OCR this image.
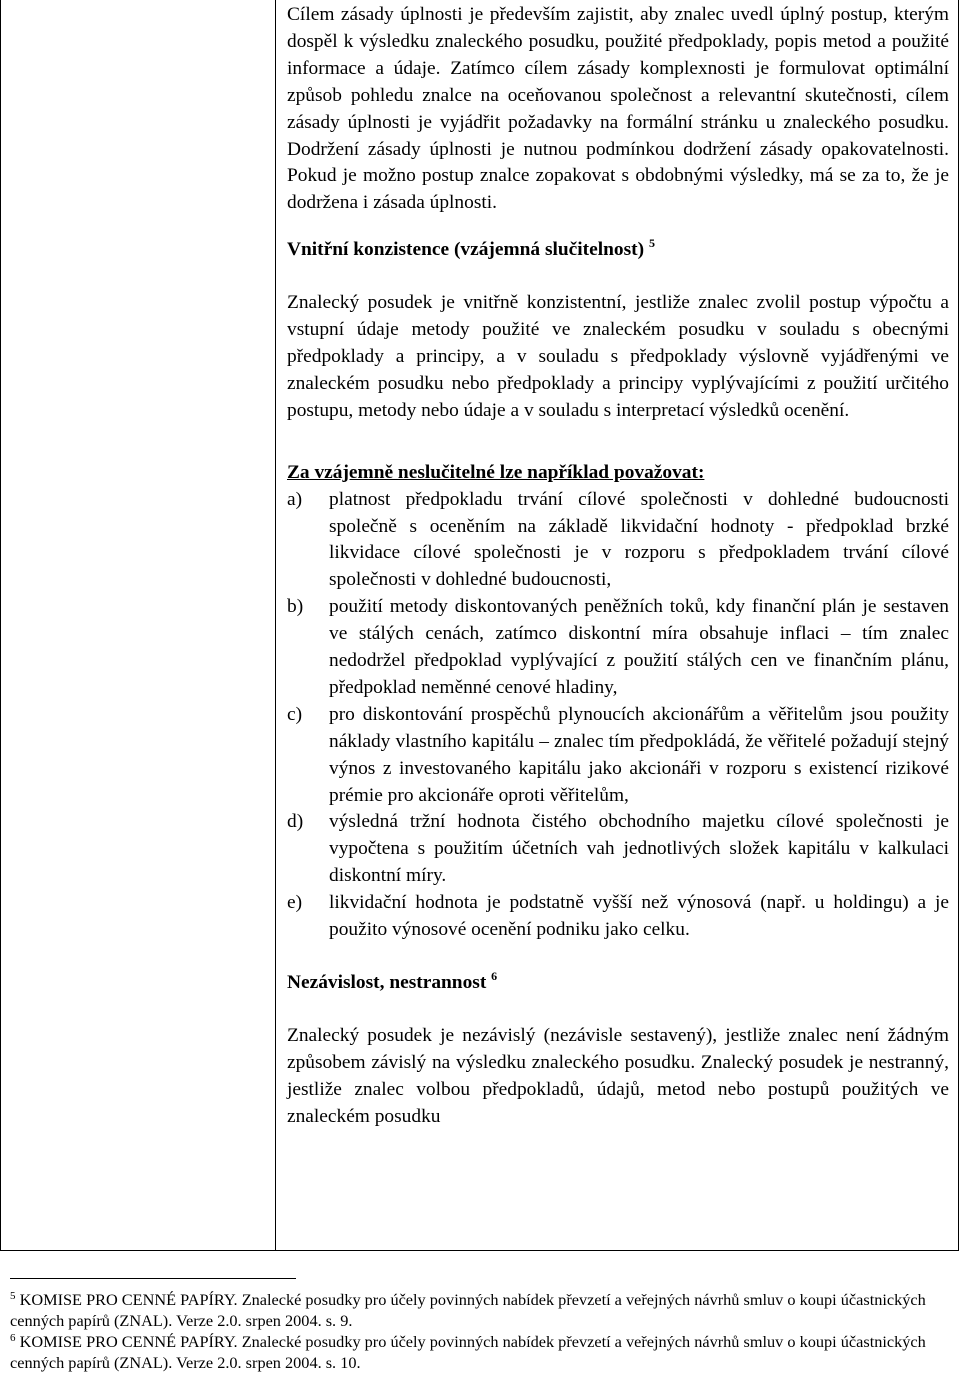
Cílem zásady úplnosti je především zajistit, aby znalec uvedl úplný postup, kterým dospěl k výsledku znaleckého posudku, použité předpoklady, popis metod a použité informace a údaje. Zatímco cílem zásady komplexnosti je formulovat optimální způsob pohledu znalce na oceňovanou společnost a relevantní skutečnosti, cílem zásady úplnosti je vyjádřit požadavky na formální stránku u znaleckého posudku. Dodržení zásady úplnosti je nutnou podmínkou dodržení zásady opakovatelnosti. Pokud je možno postup znalce zopakovat s obdobnými výsledky, má se za to, že je dodržena i zásada úplnosti.

Vnitřní konzistence (vzájemná slučitelnost) $^5$

Znalecký posudek je vnitřně konzistentní, jestliže znalec zvolil postup výpočtu a vstupní údaje metody použité ve znaleckém posudku v souladu s obecnými předpoklady a principy, a v souladu s předpoklady výslovně vyjádřenými ve znaleckém posudku nebo předpoklady a principy vyplývajícími z použití určitého postupu, metody nebo údaje a v souladu s interpretací výsledků ocenění.

Za vzájemně neslučitelné lze například považovat:

a) platnost předpokladu trvání cílové společnosti v dohledné budoucnosti společně s oceněním na základě likvidační hodnoty - předpoklad brzké likvidace cílové společnosti je v rozporu s předpokladem trvání cílové společnosti v dohledné budoucnosti,
b) použití metody diskontovaných peněžních toků, kdy finanční plán je sestaven ve stálých cenách, zatímco diskontní míra obsahuje inflaci – tím znalec nedodržel předpoklad vyplývající z použití stálých cen ve finančním plánu, předpoklad neměnné cenové hladiny,
c) pro diskontování prospěchů plynoucích akcionářům a věřitelům jsou použity náklady vlastního kapitálu – znalec tím předpokládá, že věřitelé požadují stejný výnos z investovaného kapitálu jako akcionáři v rozporu s existencí rizikové prémie pro akcionáře oproti věřitelům,
d) výsledná tržní hodnota čistého obchodního majetku cílové společnosti je vypočtena s použitím účetních vah jednotlivých složek kapitálu v kalkulaci diskontní míry.
e) likvidační hodnota je podstatně vyšší než výnosová (např. u holdingu) a je použito výnosové ocenění podniku jako celku.
Nezávislost, nestrannost $^6$

Znalecký posudek je nezávislý (nezávisle sestavený), jestliže znalec není žádným způsobem závislý na výsledku znaleckého posudku. Znalecký posudek je nestranný, jestliže znalec volbou předpokladů, údajů, metod nebo postupů použitých ve znaleckém posudku

$^5$ KOMISE PRO CENNÉ PAPÍRY. Znalecké posudky pro účely povinných nabídek převzetí a veřejných návrhů smluv o koupi účastnických cenných papírů (ZNAL). Verze 2.0. srpen 2004. s. 9.

$^6$ KOMISE PRO CENNÉ PAPÍRY. Znalecké posudky pro účely povinných nabídek převzetí a veřejných návrhů smluv o koupi účastnických cenných papírů (ZNAL). Verze 2.0. srpen 2004. s. 10.
